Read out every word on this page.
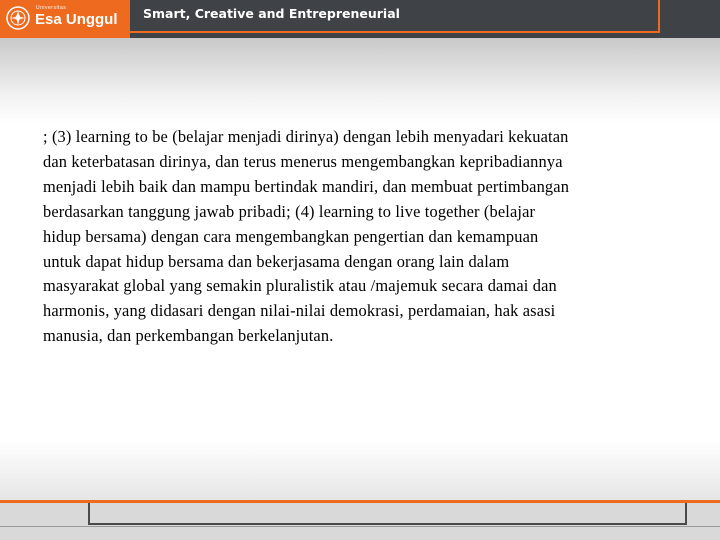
Universitas
Esa Unggul Smart, Creative and Entrepreneurial
; (3) learning to be (belajar menjadi dirinya) dengan lebih menyadari kekuatan
dan keterbatasan dirinya, dan terus menerus mengembangkan kepribadiannya
menjadi lebih baik dan mampu bertindak mandiri, dan membuat pertimbangan
berdasarkan tanggung jawab pribadi; (4) learning to live together (belajar
hidup bersama) dengan cara mengembangkan pengertian dan kemampuan
untuk dapat hidup bersama dan bekerjasama dengan orang lain dalam
masyarakat global yang semakin pluralistik atau /majemuk secara damai dan
harmonis, yang didasari dengan nilai-nilai demokrasi, perdamaian, hak asasi
manusia, dan perkembangan berkelanjutan.
